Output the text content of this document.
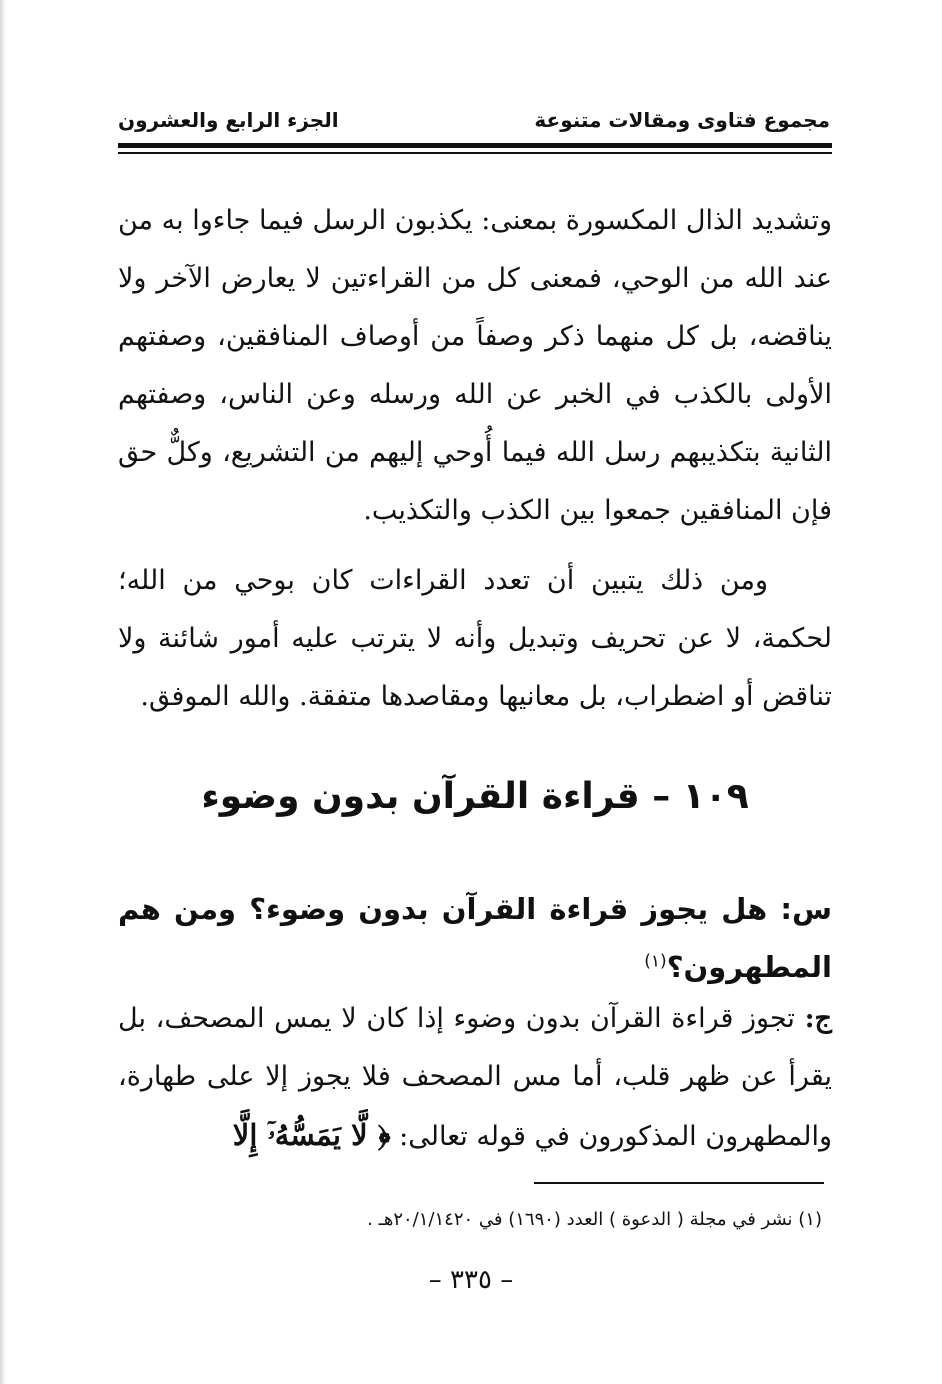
مجموع فتاوى ومقالات متنوعة
الجزء الرابع والعشرون

وتشديد الذال المكسورة بمعنى: يكذبون الرسل فيما جاءوا به من عند الله من الوحي، فمعنى كل من القراءتين لا يعارض الآخر ولا يناقضه، بل كل منهما ذكر وصفاً من أوصاف المنافقين، وصفتهم الأولى بالكذب في الخبر عن الله ورسله وعن الناس، وصفتهم الثانية بتكذيبهم رسل الله فيما أُوحي إليهم من التشريع، وكلٌّ حق فإن المنافقين جمعوا بين الكذب والتكذيب.

ومن ذلك يتبين أن تعدد القراءات كان بوحي من الله؛ لحكمة، لا عن تحريف وتبديل وأنه لا يترتب عليه أمور شائنة ولا تناقض أو اضطراب، بل معانيها ومقاصدها متفقة. والله الموفق.

١٠٩ – قراءة القرآن بدون وضوء

س: هل يجوز قراءة القرآن بدون وضوء؟ ومن هم المطهرون؟$^{(١)}$

ج: تجوز قراءة القرآن بدون وضوء إذا كان لا يمس المصحف، بل يقرأ عن ظهر قلب، أما مس المصحف فلا يجوز إلا على طهارة، والمطهرون المذكورون في قوله تعالى: ﴿ لَّا يَمَسُّهُۥٓ إِلَّا

(١) نشر في مجلة ( الدعوة ) العدد (١٦٩٠) في ٢٠/١/١٤٢٠هـ .
– ٣٣٥ –
